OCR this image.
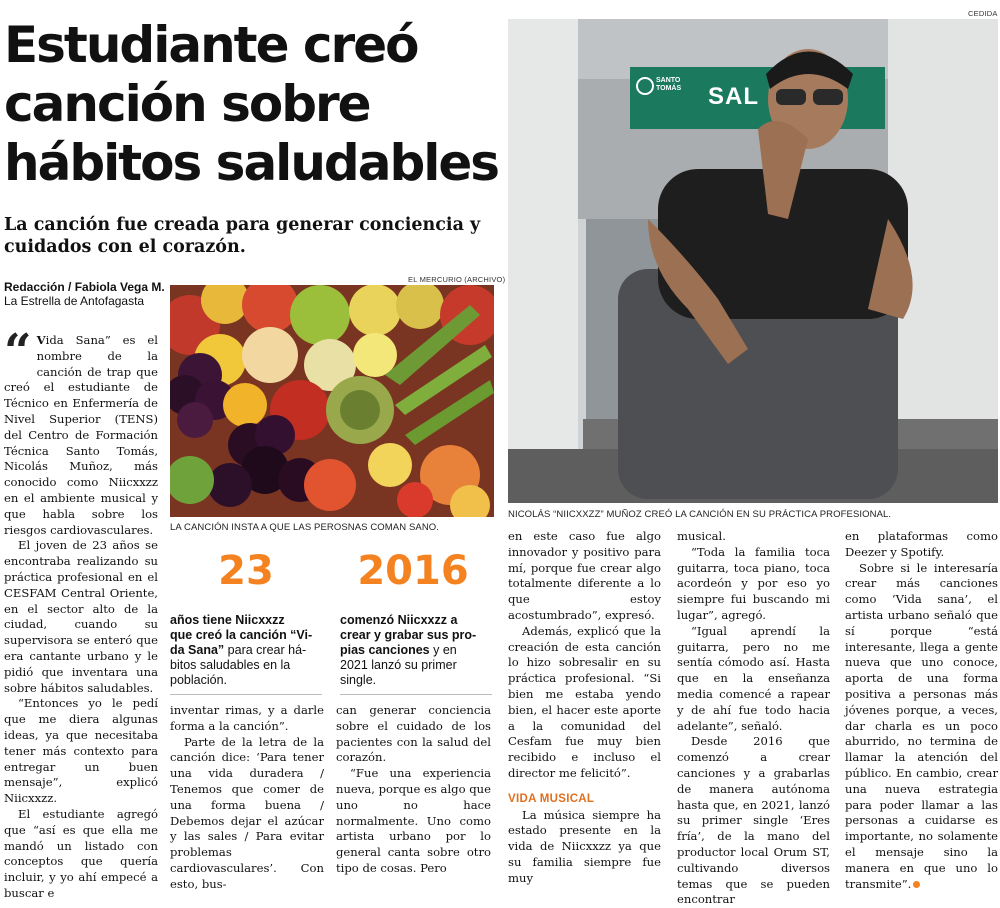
Estudiante creó
canción sobre
hábitos saludables
La canción fue creada para generar conciencia y cuidados con el corazón.
Redacción / Fabiola Vega M.
La Estrella de Antofagasta
EL MERCURIO (ARCHIVO)
LA CANCIÓN INSTA A QUE LAS PEROSNAS COMAN SANO.
CEDIDA
SAL
SANTO TOMÁS
NICOLÁS “NIICXXZZ” MUÑOZ CREÓ LA CANCIÓN EN SU PRÁCTICA PROFESIONAL.

“ Vida Sana” es el nombre de la canción de trap que creó el estudiante de Técnico en Enfermería de Nivel Superior (TENS) del Centro de Formación Técnica Santo Tomás, Nicolás Muñoz, más conocido como Niicxxzz en el ambiente musical y que habla sobre los riesgos cardiovasculares.

El joven de 23 años se encontraba realizando su práctica profesional en el CESFAM Central Oriente, en el sector alto de la ciudad, cuando su supervisora se enteró que era cantante urbano y le pidió que inventara una sobre hábitos saludables.

“Entonces yo le pedí que me diera algunas ideas, ya que necesitaba tener más contexto para entregar un buen mensaje”, explicó Niicxxzz.

El estudiante agregó que “así es que ella me mandó un listado con conceptos que quería incluir, y yo ahí empecé a buscar e

23
años tiene Niicxxzz
que creó la canción “Vi-
da Sana” para crear há-
bitos saludables en la
población.
2016
comenzó Niicxxzz a
crear y grabar sus pro-
pias canciones y en
2021 lanzó su primer
single.

inventar rimas, y a darle forma a la canción”.

Parte de la letra de la canción dice: ‘Para tener una vida duradera / Tenemos que comer de una forma buena / Debemos dejar el azúcar y las sales / Para evitar problemas cardiovasculares’. Con esto, bus-

can generar conciencia sobre el cuidado de los pacientes con la salud del corazón.

“Fue una experiencia nueva, porque es algo que uno no hace normalmente. Uno como artista urbano por lo general canta sobre otro tipo de cosas. Pero

en este caso fue algo innovador y positivo para mí, porque fue crear algo totalmente diferente a lo que estoy acostumbrado”, expresó.

Además, explicó que la creación de esta canción lo hizo sobresalir en su práctica profesional. “Si bien me estaba yendo bien, el hacer este aporte a la comunidad del Cesfam fue muy bien recibido e incluso el director me felicitó”.

VIDA MUSICAL

La música siempre ha estado presente en la vida de Niicxxzz ya que su familia siempre fue muy

musical.

“Toda la familia toca guitarra, toca piano, toca acordeón y por eso yo siempre fui buscando mi lugar”, agregó.

“Igual aprendí la guitarra, pero no me sentía cómodo así. Hasta que en la enseñanza media comencé a rapear y de ahí fue todo hacia adelante”, señaló.

Desde 2016 que comenzó a crear canciones y a grabarlas de manera autónoma hasta que, en 2021, lanzó su primer single ‘Eres fría’, de la mano del productor local Orum ST, cultivando diversos temas que se pueden encontrar

en plataformas como Deezer y Spotify.

Sobre si le interesaría crear más canciones como ‘Vida sana’, el artista urbano señaló que sí porque “está interesante, llega a gente nueva que uno conoce, aporta de una forma positiva a personas más jóvenes porque, a veces, dar charla es un poco aburrido, no termina de llamar la atención del público. En cambio, crear una nueva estrategia para poder llamar a las personas a cuidarse es importante, no solamente el mensaje sino la manera en que uno lo transmite”.
